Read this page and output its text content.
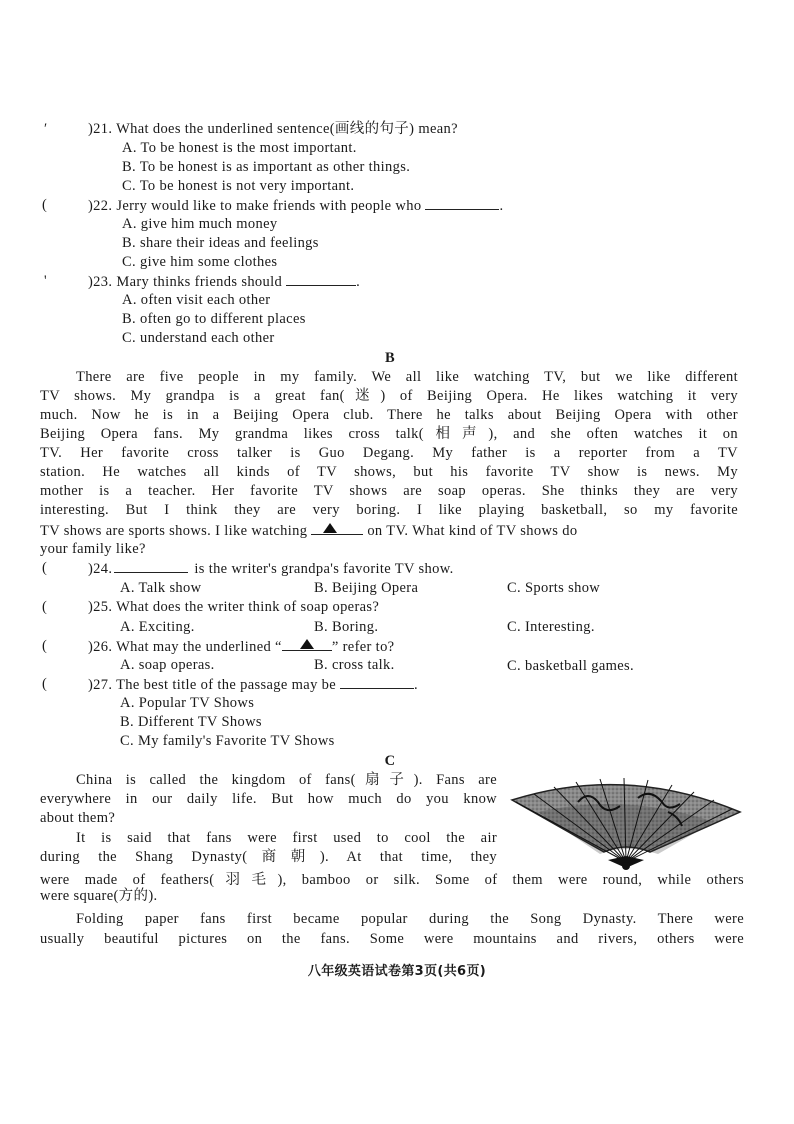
′	)21. What does the underlined sentence(画线的句子) mean?
A. To be honest is the most important.
B. To be honest is as important as other things.
C. To be honest is not very important.
(	)22. Jerry would like to make friends with people who	.
A. give him much money
B. share their ideas and feelings
C. give him some clothes
'	)23. Mary thinks friends should	.
A. often visit each other
B. often go to different places
C. understand each other
B
There are five people in my family. We all like watching TV, but we like different
TV shows. My grandpa is a great fan(迷) of Beijing Opera. He likes watching it very
much. Now he is in a Beijing Opera club. There he talks about Beijing Opera with other
Beijing Opera fans. My grandma likes cross talk(相声), and she often watches it on
TV. Her favorite cross talker is Guo Degang. My father is a reporter from a TV
station. He watches all kinds of TV shows, but his favorite TV show is news. My
mother is a teacher. Her favorite TV shows are soap operas. She thinks they are very
interesting. But I think they are very boring. I like playing basketball, so my favorite
TV shows are sports shows. I like watching	on TV. What kind of TV shows do
your family like?
(	)24.	is the writer's grandpa's favorite TV show.
A. Talk show	B. Beijing Opera	C. Sports show
(	)25. What does the writer think of soap operas?
A. Exciting.	B. Boring.	C. Interesting.
(	)26. What may the underlined “	” refer to?
A. soap operas.	B. cross talk.	C. basketball games.
(	)27. The best title of the passage may be	.
A. Popular TV Shows
B. Different TV Shows
C. My family's Favorite TV Shows
C
China is called the kingdom of fans(扇子). Fans are
everywhere in our daily life. But how much do you know
about them?
It is said that fans were first used to cool the air
during the Shang Dynasty(商朝). At that time, they
were made of feathers(羽毛), bamboo or silk. Some of them were round, while others
were square(方的).
Folding paper fans first became popular during the Song Dynasty. There were
usually beautiful pictures on the fans. Some were mountains and rivers, others were
八年级英语试卷第3页(共6页)
